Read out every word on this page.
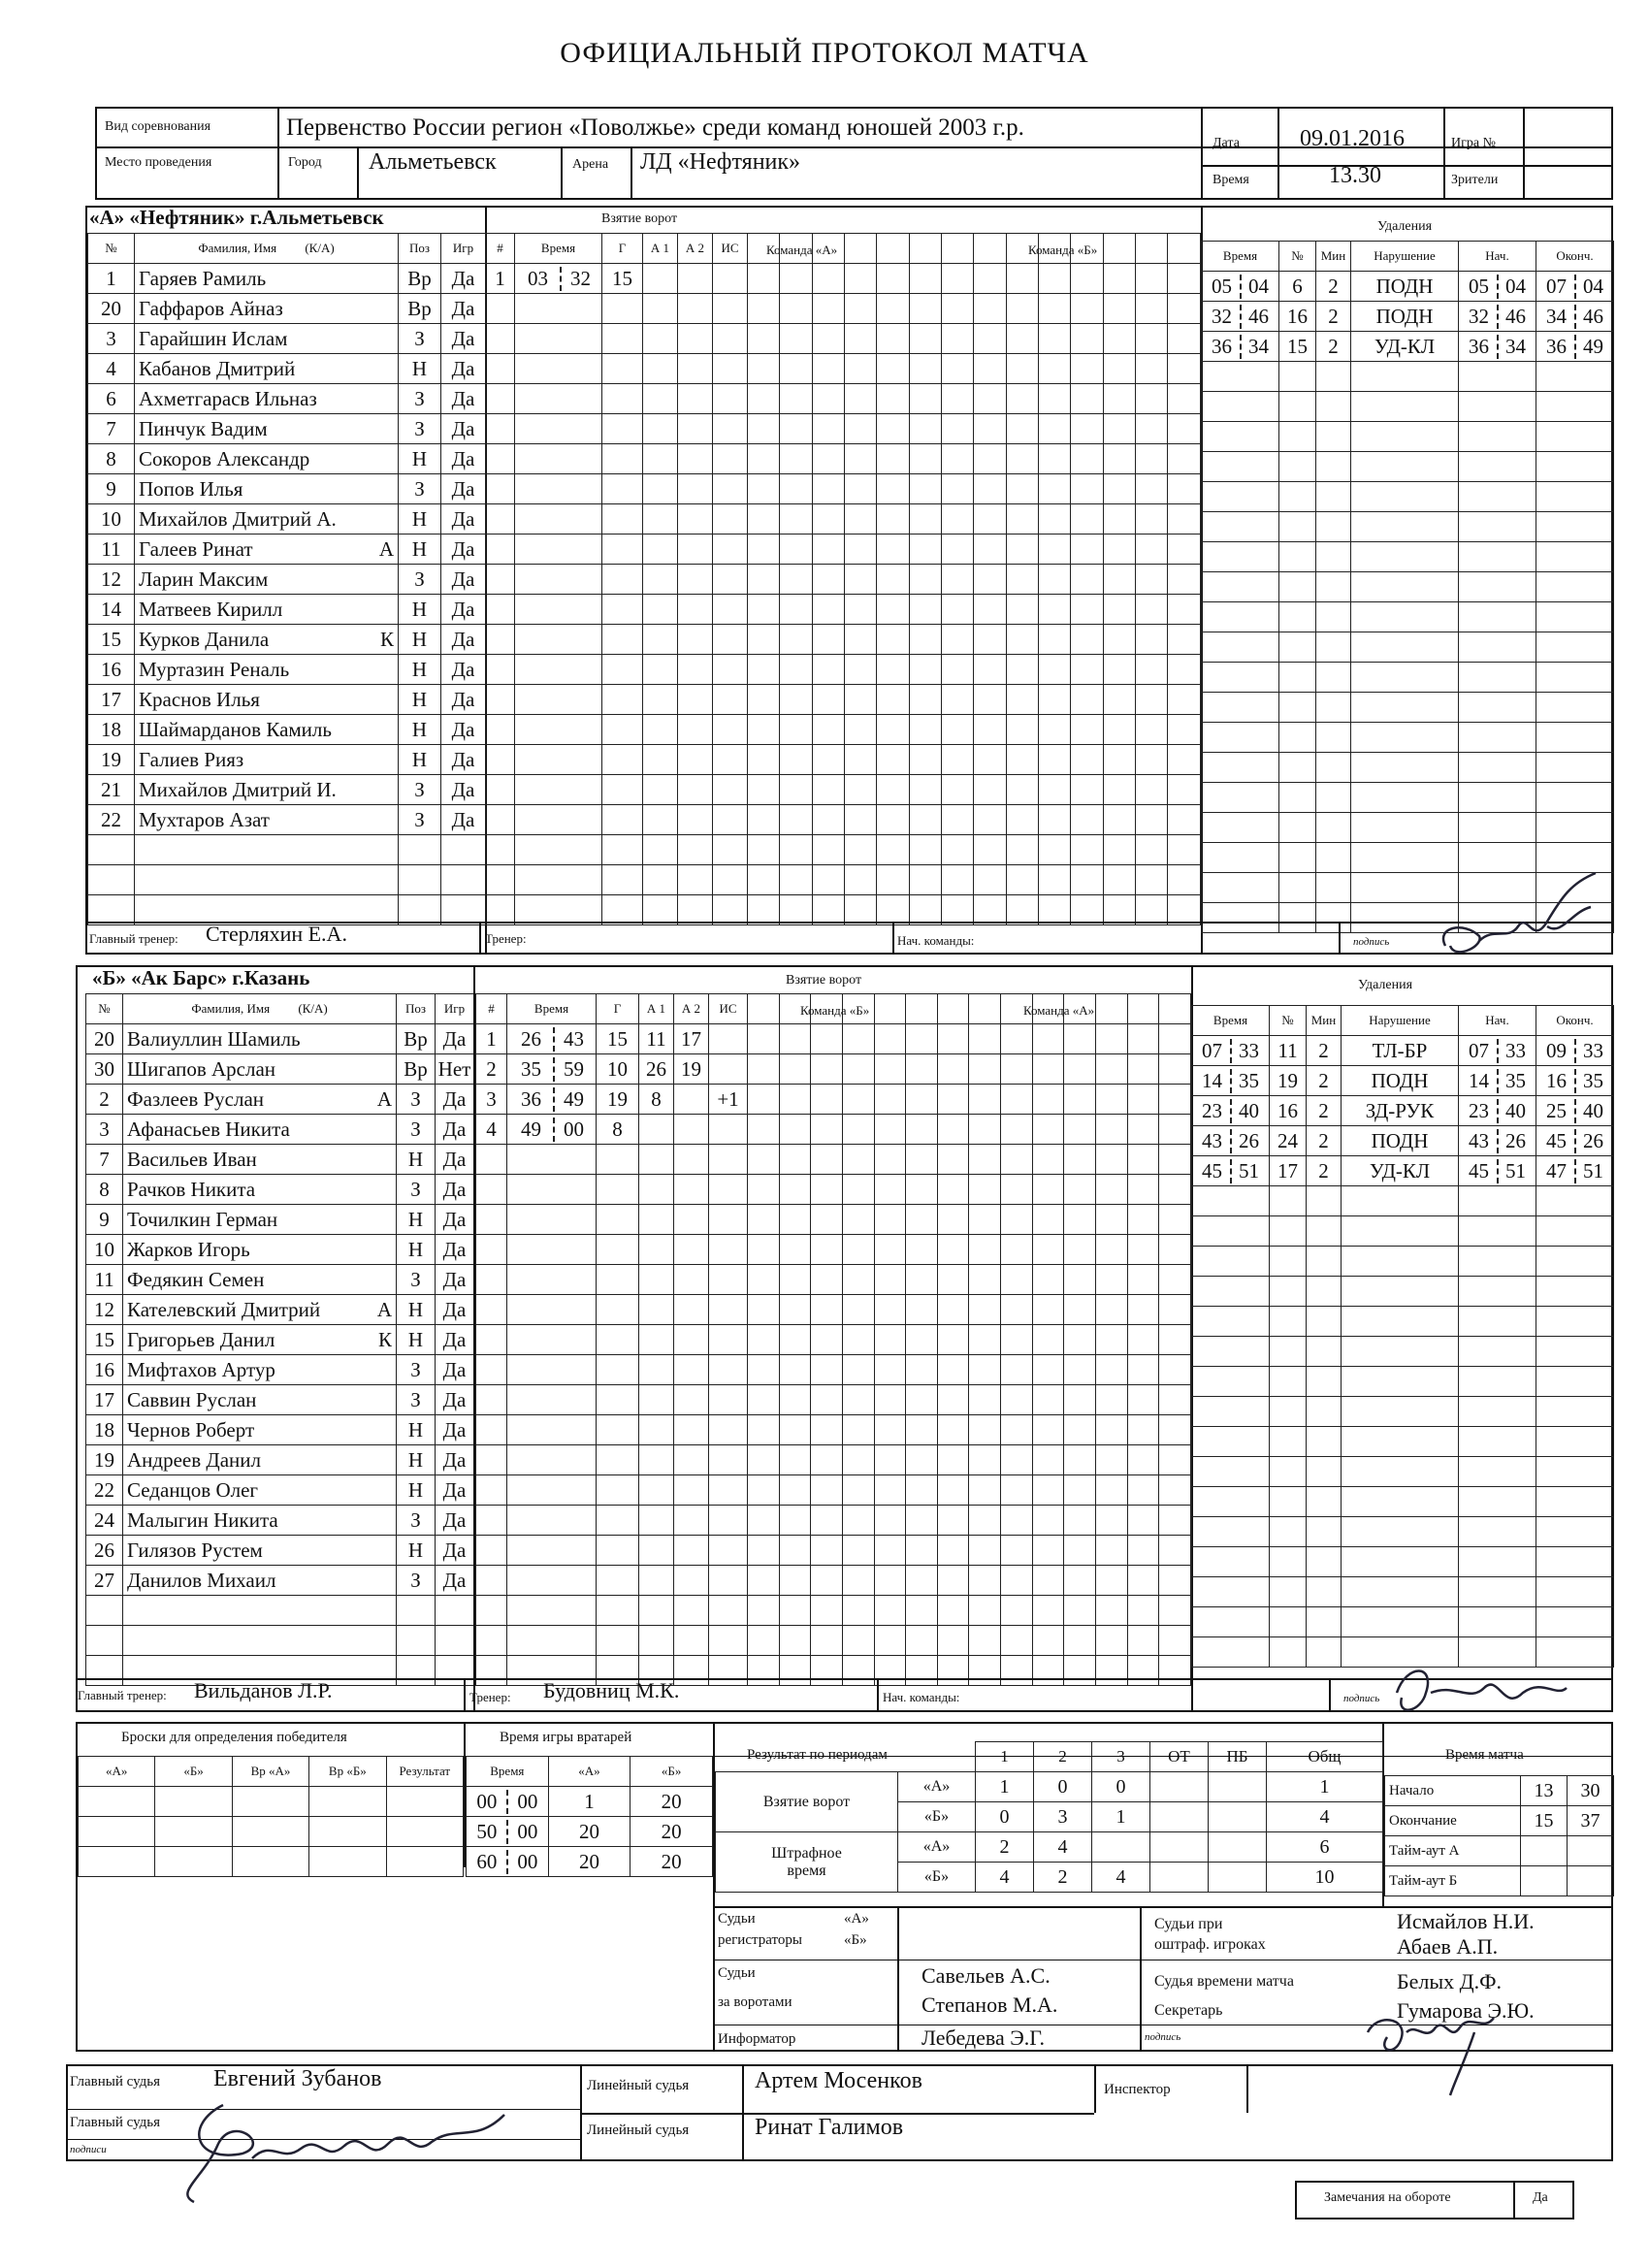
ОФИЦИАЛЬНЫЙ ПРОТОКОЛ МАТЧА
Вид соревнования	Первенство России регион «Поволжье» среди команд юношей 2003 г.р.
Место проведения	Город Альметьевск	Арена ЛД «Нефтяник»
Дата	09.01.2016	Игра №
Время	13.30	Зрители
«А» «Нефтяник» г.Альметьевск
№	Фамилия, Имя (К/А)	Поз	Игр
1	Гаряев Рамиль	Вр	Да
20	Гаффаров Айназ	Вр	Да
3	Гарайшин Ислам	З	Да
4	Кабанов Дмитрий	Н	Да
6	Ахметгарасв Ильназ	З	Да
7	Пинчук Вадим	З	Да
8	Сокоров Александр	Н	Да
9	Попов Илья	З	Да
10	Михайлов Дмитрий А.	Н	Да
11	Галеев Ринат А	Н	Да
12	Ларин Максим	З	Да
14	Матвеев Кирилл	Н	Да
15	Курков Данила К	Н	Да
16	Муртазин Реналь	Н	Да
17	Краснов Илья	Н	Да
18	Шаймарданов Камиль	Н	Да
19	Галиев Рияз	Н	Да
21	Михайлов Дмитрий И.	З	Да
22	Мухтаров Азат	З	Да

Взятие ворот
#	Время	Г	А 1	А 2	ИС
1	03 32	15			

Команда «А»	Команда «Б»
Удаления
Время	№	Мин	Нарушение	Нач.	Оконч.
05 04	6	2	ПОДН	05 04	07 04
32 46	16	2	ПОДН	32 46	34 46
36 34	15	2	УД-КЛ	36 34	36 49

Главный тренер: Стерляхин Е.А.	Тренер:	Нач. команды:	подпись
«Б» «Ак Барс» г.Казань
№	Фамилия, Имя (К/А)	Поз	Игр
20	Валиуллин Шамиль	Вр	Да
30	Шигапов Арслан	Вр	Нет
2	Фазлеев Руслан А	З	Да
3	Афанасьев Никита	З	Да
7	Васильев Иван	Н	Да
8	Рачков Никита	З	Да
9	Точилкин Герман	Н	Да
10	Жарков Игорь	Н	Да
11	Федякин Семен	З	Да
12	Кателевский Дмитрий А	Н	Да
15	Григорьев Данил К	Н	Да
16	Мифтахов Артур	З	Да
17	Саввин Руслан	З	Да
18	Чернов Роберт	Н	Да
19	Андреев Данил	Н	Да
22	Седанцов Олег	Н	Да
24	Малыгин Никита	З	Да
26	Гилязов Рустем	Н	Да
27	Данилов Михаил	З	Да

Взятие ворот
#	Время	Г	А 1	А 2	ИС
1	26 43	15	11	17	
2	35 59	10	26	19	
3	36 49	19	8		+1
4	49 00	8			

Команда «Б»	Команда «А»
Удаления
Время	№	Мин	Нарушение	Нач.	Оконч.
07 33	11	2	ТЛ-БР	07 33	09 33
14 35	19	2	ПОДН	14 35	16 35
23 40	16	2	ЗД-РУК	23 40	25 40
43 26	24	2	ПОДН	43 26	45 26
45 51	17	2	УД-КЛ	45 51	47 51

Главный тренер: Вильданов Л.Р.	Тренер: Будовниц М.К.	Нач. команды:	подпись
Броски для определения победителя
«А»	«Б»	Вр «А»	Вр «Б»	Результат

Время игры вратарей
Время	«А»	«Б»
00 00	1	20
50 00	20	20
60 00	20	20
Результат по периодам
		1	2	3	ОТ	ПБ	Общ
Взятие ворот	«А»	1	0	0			1
	«Б»	0	3	1			4
Штрафное время	«А»	2	4				6
	«Б»	4	2	4			10
Время матча
Начало	13	30
Окончание	15	37
Тайм-аут А		
Тайм-аут Б		
Судьи	«А»
регистраторы	«Б»
Судьи
за воротами
Савельев А.С.
Степанов М.А.
Информатор	Лебедева Э.Г.
Судьи при
оштраф. игроках
Исмайлов Н.И.
Абаев А.П.
Судья времени матча	Белых Д.Ф.
Секретарь	Гумарова Э.Ю.
подпись
Главный судья Евгений Зубанов
Главный судья
подписи
Линейный судья	Артем Мосенков
Линейный судья	Ринат Галимов
Инспектор
Замечания на обороте	Да
